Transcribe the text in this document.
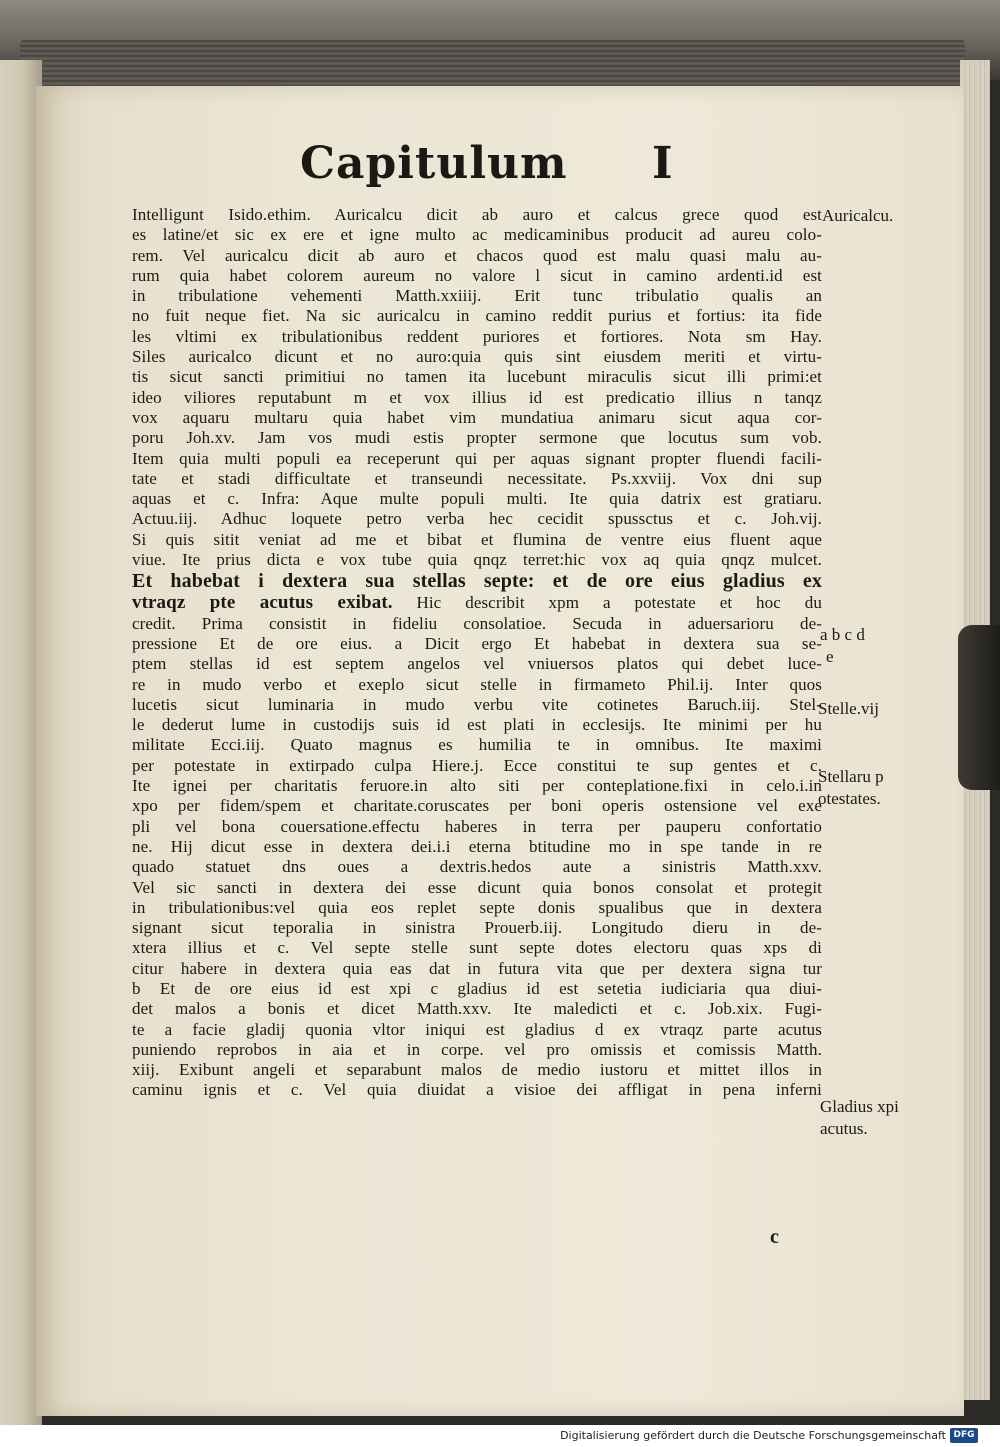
Capitulum I
Intelligunt Isido.ethim. Auricalcu dicit ab auro et calcus grece quod est
es latine/et sic ex ere et igne multo ac medicaminibus producit ad aureu colo-
rem. Vel auricalcu dicit ab auro et chacos quod est malu quasi malu au-
rum quia habet colorem aureum no valore l sicut in camino ardenti.id est
in tribulatione vehementi Matth.xxiiij. Erit tunc tribulatio qualis an
no fuit neque fiet. Na sic auricalcu in camino reddit purius et fortius: ita fide
les vltimi ex tribulationibus reddent puriores et fortiores. Nota sm Hay.
Siles auricalco dicunt et no auro:quia quis sint eiusdem meriti et virtu-
tis sicut sancti primitiui no tamen ita lucebunt miraculis sicut illi primi:et
ideo viliores reputabunt m et vox illius id est predicatio illius n tanqz
vox aquaru multaru quia habet vim mundatiua animaru sicut aqua cor-
poru Joh.xv. Jam vos mudi estis propter sermone que locutus sum vob.
Item quia multi populi ea receperunt qui per aquas signant propter fluendi facili-
tate et stadi difficultate et transeundi necessitate. Ps.xxviij. Vox dni sup
aquas et c. Infra: Aque multe populi multi. Ite quia datrix est gratiaru.
Actuu.iij. Adhuc loquete petro verba hec cecidit spussctus et c. Joh.vij.
Si quis sitit veniat ad me et bibat et flumina de ventre eius fluent aque
viue. Ite prius dicta e vox tube quia qnqz terret:hic vox aq quia qnqz mulcet.
Et habebat i dextera sua stellas septe: et de ore eius gladius ex
vtraqz pte acutus exibat. Hic describit xpm a potestate et hoc du
credit. Prima consistit in fideliu consolatioe. Secuda in aduersarioru de-
pressione Et de ore eius. a Dicit ergo Et habebat in dextera sua se-
ptem stellas id est septem angelos vel vniuersos platos qui debet luce-
re in mudo verbo et exeplo sicut stelle in firmameto Phil.ij. Inter quos
lucetis sicut luminaria in mudo verbu vite cotinetes Baruch.iij. Stel-
le dederut lume in custodijs suis id est plati in ecclesijs. Ite minimi per hu
militate Ecci.iij. Quato magnus es humilia te in omnibus. Ite maximi
per potestate in extirpado culpa Hiere.j. Ecce constitui te sup gentes et c.
Ite ignei per charitatis feruore.in alto siti per conteplatione.fixi in celo.i.in
xpo per fidem/spem et charitate.coruscates per boni operis ostensione vel exe
pli vel bona couersatione.effectu haberes in terra per pauperu confortatio
ne. Hij dicut esse in dextera dei.i.i eterna btitudine mo in spe tande in re
quado statuet dns oues a dextris.hedos aute a sinistris Matth.xxv.
Vel sic sancti in dextera dei esse dicunt quia bonos consolat et protegit
in tribulationibus:vel quia eos replet septe donis spualibus que in dextera
signant sicut teporalia in sinistra Prouerb.iij. Longitudo dieru in de-
xtera illius et c. Vel septe stelle sunt septe dotes electoru quas xps di
citur habere in dextera quia eas dat in futura vita que per dextera signa tur
b Et de ore eius id est xpi c gladius id est setetia iudiciaria qua diui-
det malos a bonis et dicet Matth.xxv. Ite maledicti et c. Job.xix. Fugi-
te a facie gladij quonia vltor iniqui est gladius d ex vtraqz parte acutus
puniendo reprobos in aia et in corpe. vel pro omissis et comissis Matth.
xiij. Exibunt angeli et separabunt malos de medio iustoru et mittet illos in
caminu ignis et c. Vel quia diuidat a visioe dei affligat in pena inferni
Auricalcu.
a b c d
e
Stelle.vij
Stellaru p
otestates.
Gladius xpi
acutus.
c
Digitalisierung gefördert durch die Deutsche Forschungsgemeinschaft DFG
